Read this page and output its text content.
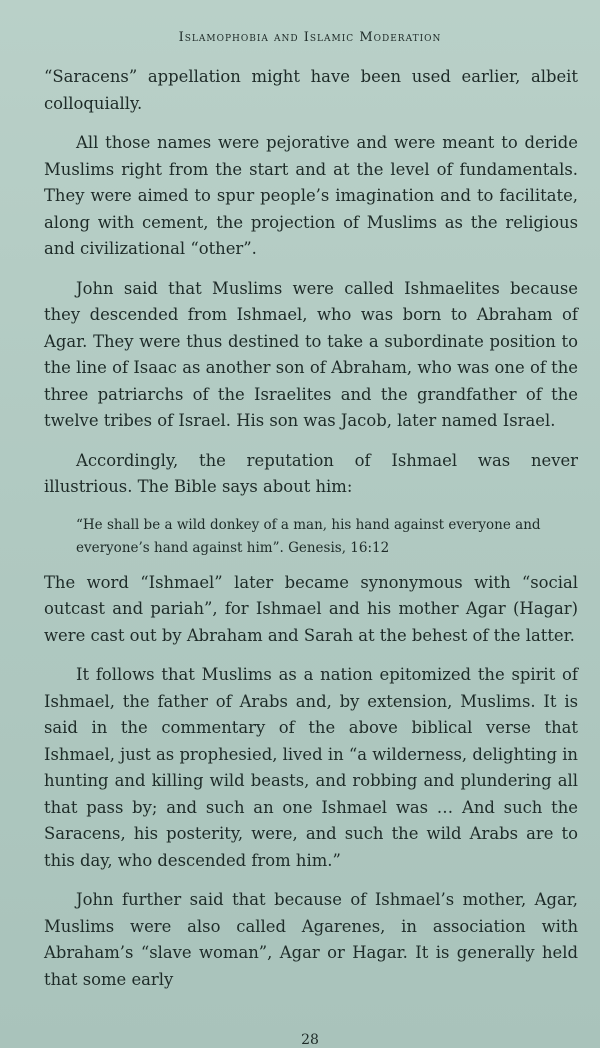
Islamophobia and Islamic Moderation

“Saracens” appellation might have been used earlier, albeit colloquially.

All those names were pejorative and were meant to deride Muslims right from the start and at the level of fundamentals. They were aimed to spur people’s imagination and to facilitate, along with cement, the projection of Muslims as the religious and civilizational “other”.

John said that Muslims were called Ishmaelites because they descended from Ishmael, who was born to Abraham of Agar. They were thus destined to take a subordinate position to the line of Isaac as another son of Abraham, who was one of the three patriarchs of the Israelites and the grandfather of the twelve tribes of Israel. His son was Jacob, later named Israel.

Accordingly, the reputation of Ishmael was never illustrious. The Bible says about him:

“He shall be a wild donkey of a man, his hand against everyone and everyone’s hand against him”. Genesis, 16:12

The word “Ishmael” later became synonymous with “social outcast and pariah”, for Ishmael and his mother Agar (Hagar) were cast out by Abraham and Sarah at the behest of the latter.

It follows that Muslims as a nation epitomized the spirit of Ishmael, the father of Arabs and, by extension, Muslims. It is said in the commentary of the above biblical verse that Ishmael, just as prophesied, lived in “a wilderness, delighting in hunting and killing wild beasts, and robbing and plundering all that pass by; and such an one Ishmael was … And such the Saracens, his posterity, were, and such the wild Arabs are to this day, who descended from him.”

John further said that because of Ishmael’s mother, Agar, Muslims were also called Agarenes, in association with Abraham’s “slave woman”, Agar or Hagar. It is generally held that some early

28
